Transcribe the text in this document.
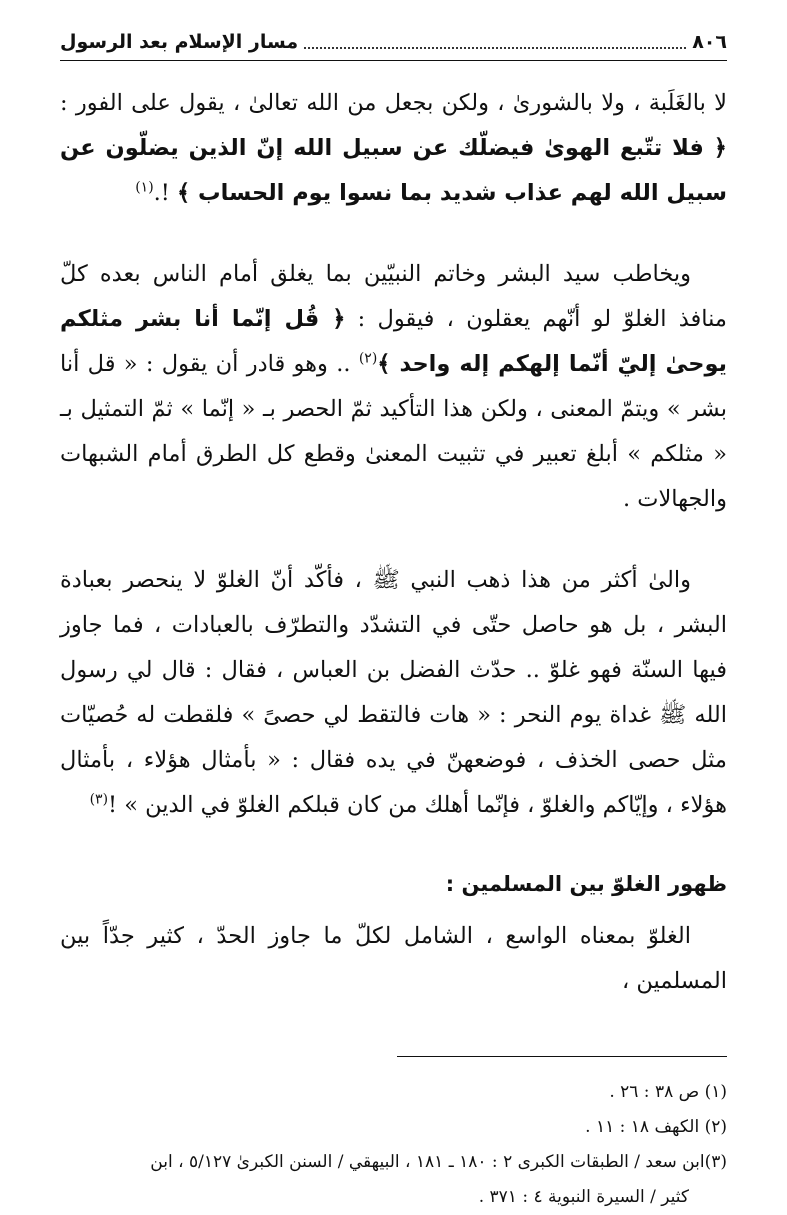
٨٠٦
مسار الإسلام بعد الرسول

لا بالغَلَبة ، ولا بالشورىٰ ، ولكن بجعل من الله تعالىٰ ، يقول على الفور : ﴿ فلا تتّبع الهوىٰ فيضلّك عن سبيل الله إنّ الذين يضلّون عن سبيل الله لهم عذاب شديد بما نسوا يوم الحساب ﴾ !.$^{(١)}$

ويخاطب سيد البشر وخاتم النبيّين بما يغلق أمام الناس بعده كلّ منافذ الغلوّ لو أنّهم يعقلون ، فيقول : ﴿ قُل إنّما أنا بشر مثلكم يوحىٰ إليّ أنّما إلهكم إله واحد ﴾$^{(٢)}$ .. وهو قادر أن يقول : « قل أنا بشر » ويتمّ المعنى ، ولكن هذا التأكيد ثمّ الحصر بـ « إنّما » ثمّ التمثيل بـ « مثلكم » أبلغ تعبير في تثبيت المعنىٰ وقطع كل الطرق أمام الشبهات والجهالات .

والىٰ أكثر من هذا ذهب النبي ﷺ ، فأكّد أنّ الغلوّ لا ينحصر بعبادة البشر ، بل هو حاصل حتّى في التشدّد والتطرّف بالعبادات ، فما جاوز فيها السنّة فهو غلوّ .. حدّث الفضل بن العباس ، فقال : قال لي رسول الله ﷺ غداة يوم النحر : « هات فالتقط لي حصىً » فلقطت له حُصيّات مثل حصى الخذف ، فوضعهنّ في يده فقال : « بأمثال هؤلاء ، بأمثال هؤلاء ، وإيّاكم والغلوّ ، فإنّما أهلك من كان قبلكم الغلوّ في الدين » !$^{(٣)}$

ظهور الغلوّ بين المسلمين :

الغلوّ بمعناه الواسع ، الشامل لكلّ ما جاوز الحدّ ، كثير جدّاً بين المسلمين ،

(١) ص ٣٨ : ٢٦ .

(٢) الكهف ١٨ : ١١ .

(٣)ابن سعد / الطبقات الكبرى ٢ : ١٨٠ ـ ١٨١ ، البيهقي / السنن الكبرىٰ ٥/١٢٧ ، ابن

كثير / السيرة النبوية ٤ : ٣٧١ .
